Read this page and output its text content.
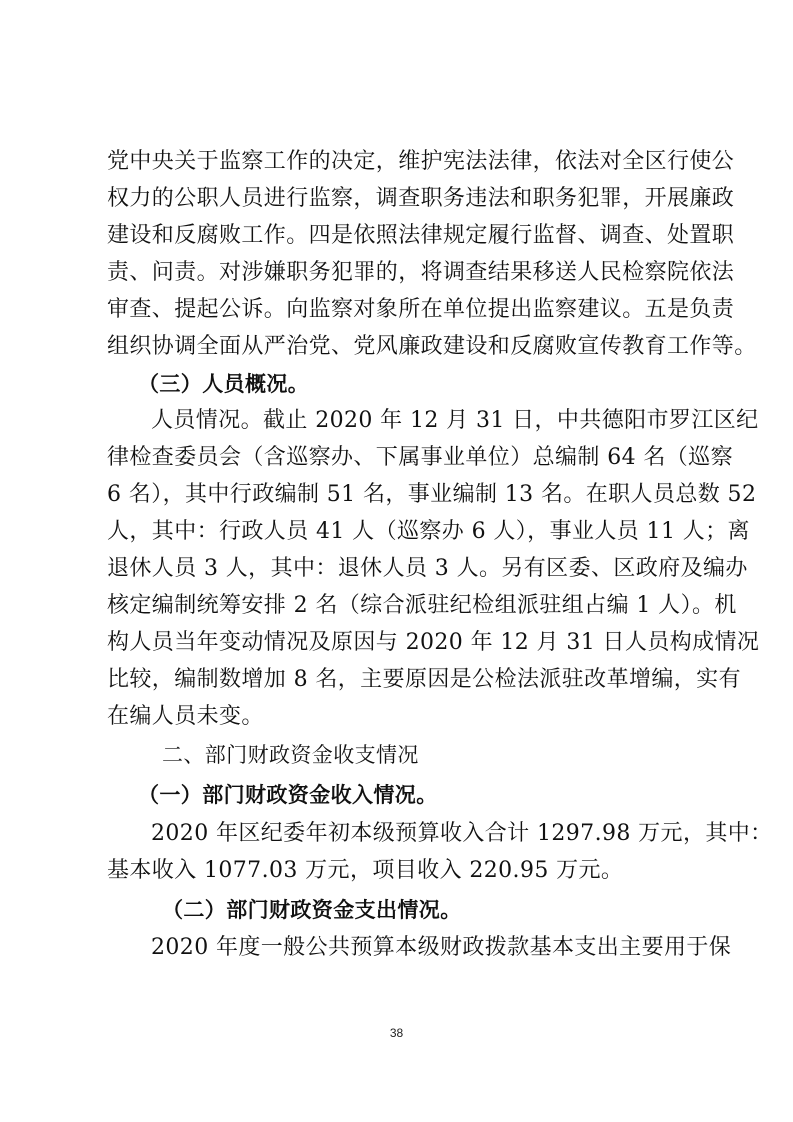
党中央关于监察工作的决定，维护宪法法律，依法对全区行使公
权力的公职人员进行监察，调查职务违法和职务犯罪，开展廉政
建设和反腐败工作。四是依照法律规定履行监督、调查、处置职
责、问责。对涉嫌职务犯罪的，将调查结果移送人民检察院依法
审查、提起公诉。向监察对象所在单位提出监察建议。五是负责
组织协调全面从严治党、党风廉政建设和反腐败宣传教育工作等。
（三）人员概况。
人员情况。截止 2020 年 12 月 31 日，中共德阳市罗江区纪
律检查委员会（含巡察办、下属事业单位）总编制 64 名（巡察
6 名），其中行政编制 51 名，事业编制 13 名。在职人员总数 52
人，其中：行政人员 41 人（巡察办 6 人），事业人员 11 人；离
退休人员 3 人，其中：退休人员 3 人。另有区委、区政府及编办
核定编制统筹安排 2 名（综合派驻纪检组派驻组占编 1 人）。机
构人员当年变动情况及原因与 2020 年 12 月 31 日人员构成情况
比较，编制数增加 8 名，主要原因是公检法派驻改革增编，实有
在编人员未变。
二、部门财政资金收支情况
（一）部门财政资金收入情况。
2020 年区纪委年初本级预算收入合计 1297.98 万元，其中：
基本收入 1077.03 万元，项目收入 220.95 万元。
（二）部门财政资金支出情况。
2020 年度一般公共预算本级财政拨款基本支出主要用于保
38
